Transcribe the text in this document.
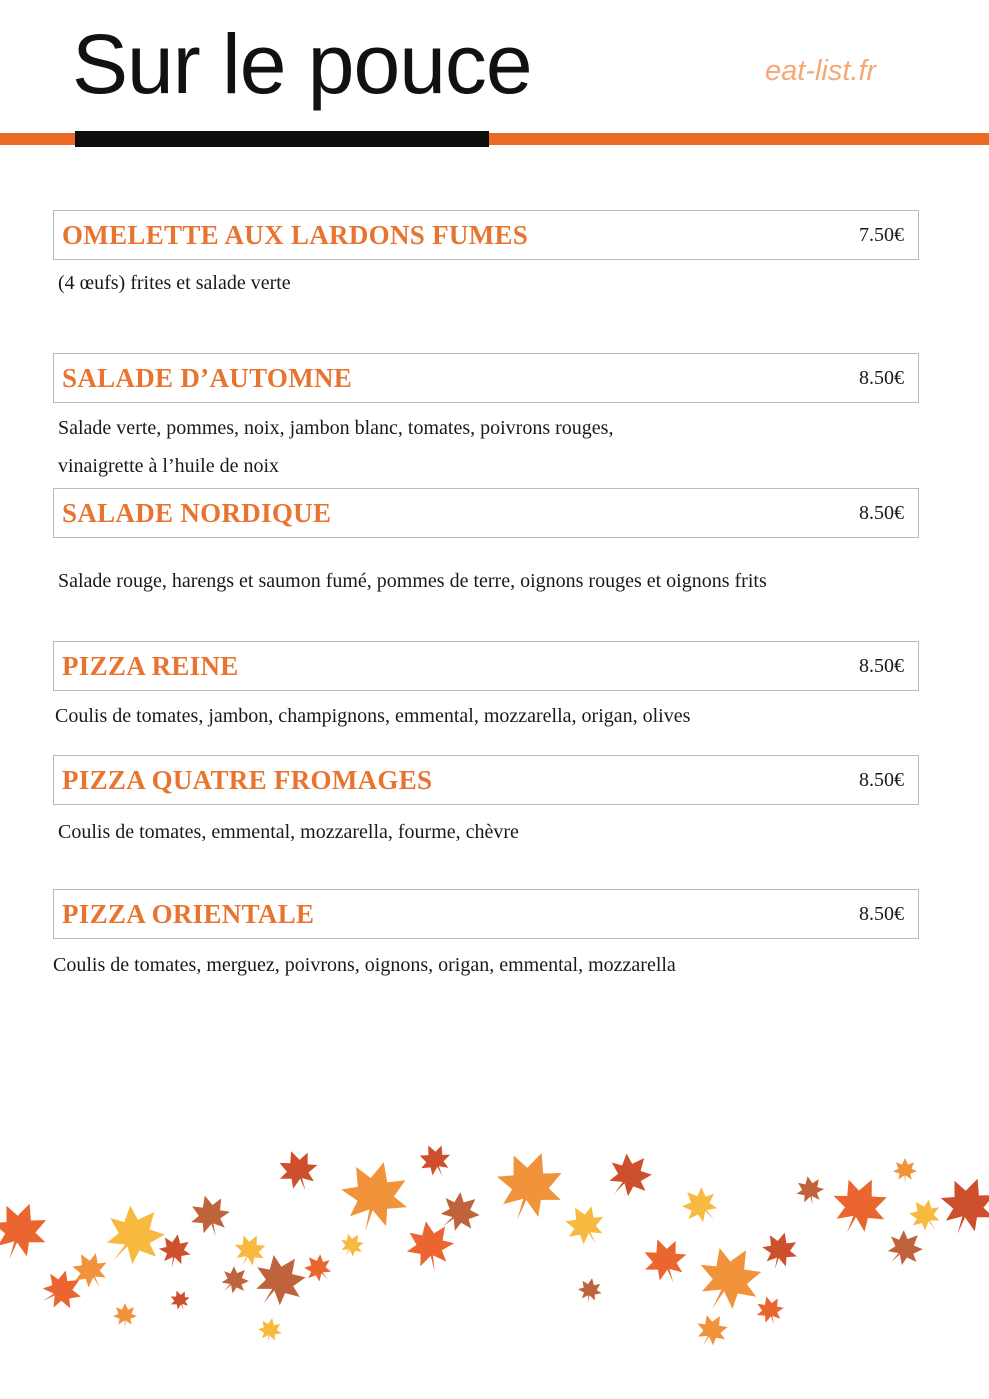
Sur le pouce	eat-list.fr
OMELETTE AUX LARDONS FUMES	7.50€
(4 œufs) frites et salade verte
SALADE D’AUTOMNE	8.50€
Salade verte, pommes, noix, jambon blanc, tomates, poivrons rouges,
vinaigrette à l’huile de noix
SALADE NORDIQUE	8.50€
Salade rouge, harengs et saumon fumé, pommes de terre, oignons rouges et oignons frits
PIZZA REINE	8.50€
Coulis de tomates, jambon, champignons, emmental, mozzarella, origan, olives
PIZZA QUATRE FROMAGES	8.50€
Coulis de tomates, emmental, mozzarella, fourme, chèvre
PIZZA ORIENTALE	8.50€
Coulis de tomates, merguez, poivrons, oignons, origan, emmental, mozzarella
